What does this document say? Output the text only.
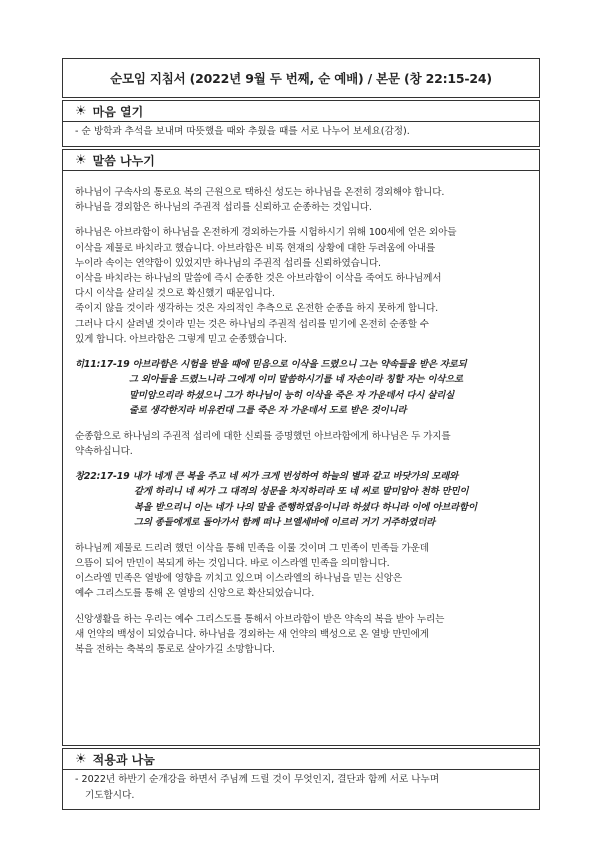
순모임 지침서 (2022년 9월 두 번째, 순 예배) / 본문 (창 22:15-24)
☀ 마음 열기
- 순 방학과 추석을 보내며 따뜻했을 때와 추웠을 때를 서로 나누어 보세요(감정).
☀ 말씀 나누기

하나님이 구속사의 통로요 복의 근원으로 택하신 성도는 하나님을 온전히 경외해야 합니다.
하나님을 경외함은 하나님의 주권적 섭리를 신뢰하고 순종하는 것입니다.

하나님은 아브라함이 하나님을 온전하게 경외하는가를 시험하시기 위해 100세에 얻은 외아들
이삭을 제물로 바치라고 했습니다. 아브라함은 비록 현재의 상황에 대한 두려움에 아내를
누이라 속이는 연약함이 있었지만 하나님의 주권적 섭리를 신뢰하였습니다.
이삭을 바치라는 하나님의 말씀에 즉시 순종한 것은 아브라함이 이삭을 죽여도 하나님께서
다시 이삭을 살리실 것으로 확신했기 때문입니다.
죽이지 않을 것이라 생각하는 것은 자의적인 추측으로 온전한 순종을 하지 못하게 합니다.
그러나 다시 살려낼 것이라 믿는 것은 하나님의 주권적 섭리를 믿기에 온전히 순종할 수
있게 합니다. 아브라함은 그렇게 믿고 순종했습니다.

히11:17-19 아브라함은 시험을 받을 때에 믿음으로 이삭을 드렸으니 그는 약속들을 받은 자로되
그 외아들을 드렸느니라 그에게 이미 말씀하시기를 네 자손이라 칭할 자는 이삭으로
말미암으리라 하셨으니 그가 하나님이 능히 이삭을 죽은 자 가운데서 다시 살리실
줄로 생각한지라 비유컨대 그를 죽은 자 가운데서 도로 받은 것이니라

순종함으로 하나님의 주권적 섭리에 대한 신뢰를 증명했던 아브라함에게 하나님은 두 가지를
약속하십니다.

창22:17-19 내가 네게 큰 복을 주고 네 씨가 크게 번성하여 하늘의 별과 같고 바닷가의 모래와
같게 하리니 네 씨가 그 대적의 성문을 차지하리라 또 네 씨로 말미암아 천하 만민이
복을 받으리니 이는 네가 나의 말을 준행하였음이니라 하셨다 하니라 이에 아브라함이
그의 종들에게로 돌아가서 함께 떠나 브엘세바에 이르러 거기 거주하였더라

하나님께 제물로 드리려 했던 이삭을 통해 민족을 이룰 것이며 그 민족이 민족들 가운데
으뜸이 되어 만민이 복되게 하는 것입니다. 바로 이스라엘 민족을 의미합니다.
이스라엘 민족은 열방에 영향을 끼치고 있으며 이스라엘의 하나님을 믿는 신앙은
예수 그리스도를 통해 온 열방의 신앙으로 확산되었습니다.

신앙생활을 하는 우리는 예수 그리스도를 통해서 아브라함이 받은 약속의 복을 받아 누리는
새 언약의 백성이 되었습니다. 하나님을 경외하는 새 언약의 백성으로 온 열방 만민에게
복을 전하는 축복의 통로로 살아가길 소망합니다.

☀ 적용과 나눔
- 2022년 하반기 순개강을 하면서 주님께 드릴 것이 무엇인지, 결단과 함께 서로 나누며
기도합시다.
